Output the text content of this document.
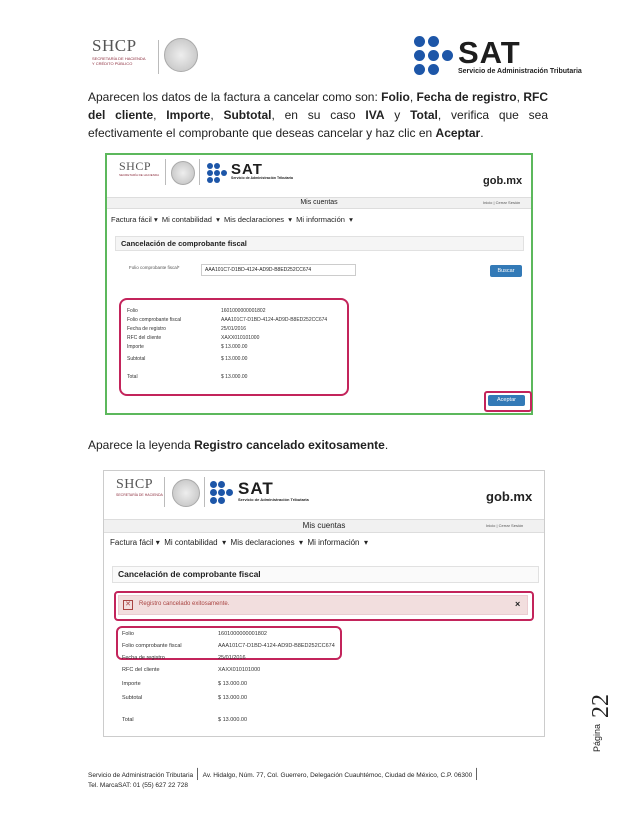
SHCP
SECRETARÍA DE HACIENDA
Y CRÉDITO PÚBLICO	SAT
Servicio de Administración Tributaria
Aparecen los datos de la factura a cancelar como son: Folio, Fecha de registro, RFC del cliente, Importe, Subtotal, en su caso IVA y Total, verifica que sea efectivamente el comprobante que deseas cancelar y haz clic en Aceptar.
SHCP
SECRETARÍA DE HACIENDA	SAT
Servicio de Administración Tributaria	gob.mx
Mis cuentas	Inicio | Cerrar Sesión
Factura fácil ▾  Mi contabilidad  ▾  Mis declaraciones  ▾  Mi información  ▾
Cancelación de comprobante fiscal
Folio comprobante fiscal*	AAA101C7-D1BD-4124-AD9D-B8ED252CC674	Buscar
Folio	1601000000001802
Folio comprobante fiscal	AAA101C7-D1BD-4124-AD9D-B8ED252CC674
Fecha de registro	25/01/2016
RFC del cliente	XAXX010101000
Importe	$ 13.000.00
Subtotal	$ 13.000.00
Total	$ 13.000.00
Aceptar
Aparece la leyenda Registro cancelado exitosamente.
SHCP
SECRETARÍA DE HACIENDA	SAT
Servicio de Administración Tributaria	gob.mx
Mis cuentas	Inicio | Cerrar Sesión
Factura fácil ▾  Mi contabilidad  ▾  Mis declaraciones  ▾  Mi información  ▾
Cancelación de comprobante fiscal
✕	Registro cancelado exitosamente.	×
Folio	1601000000001802
Folio comprobante fiscal	AAA101C7-D1BD-4124-AD9D-B8ED252CC674
Fecha de registro	25/01/2016
RFC del cliente	XAXX010101000
Importe	$ 13.000.00
Subtotal	$ 13.000.00
Total	$ 13.000.00
Página
22
Servicio de Administración Tributaria │ Av. Hidalgo, Núm. 77, Col. Guerrero, Delegación Cuauhtémoc, Ciudad de México, C.P. 06300 │
Tel. MarcaSAT: 01 (55) 627 22 728
